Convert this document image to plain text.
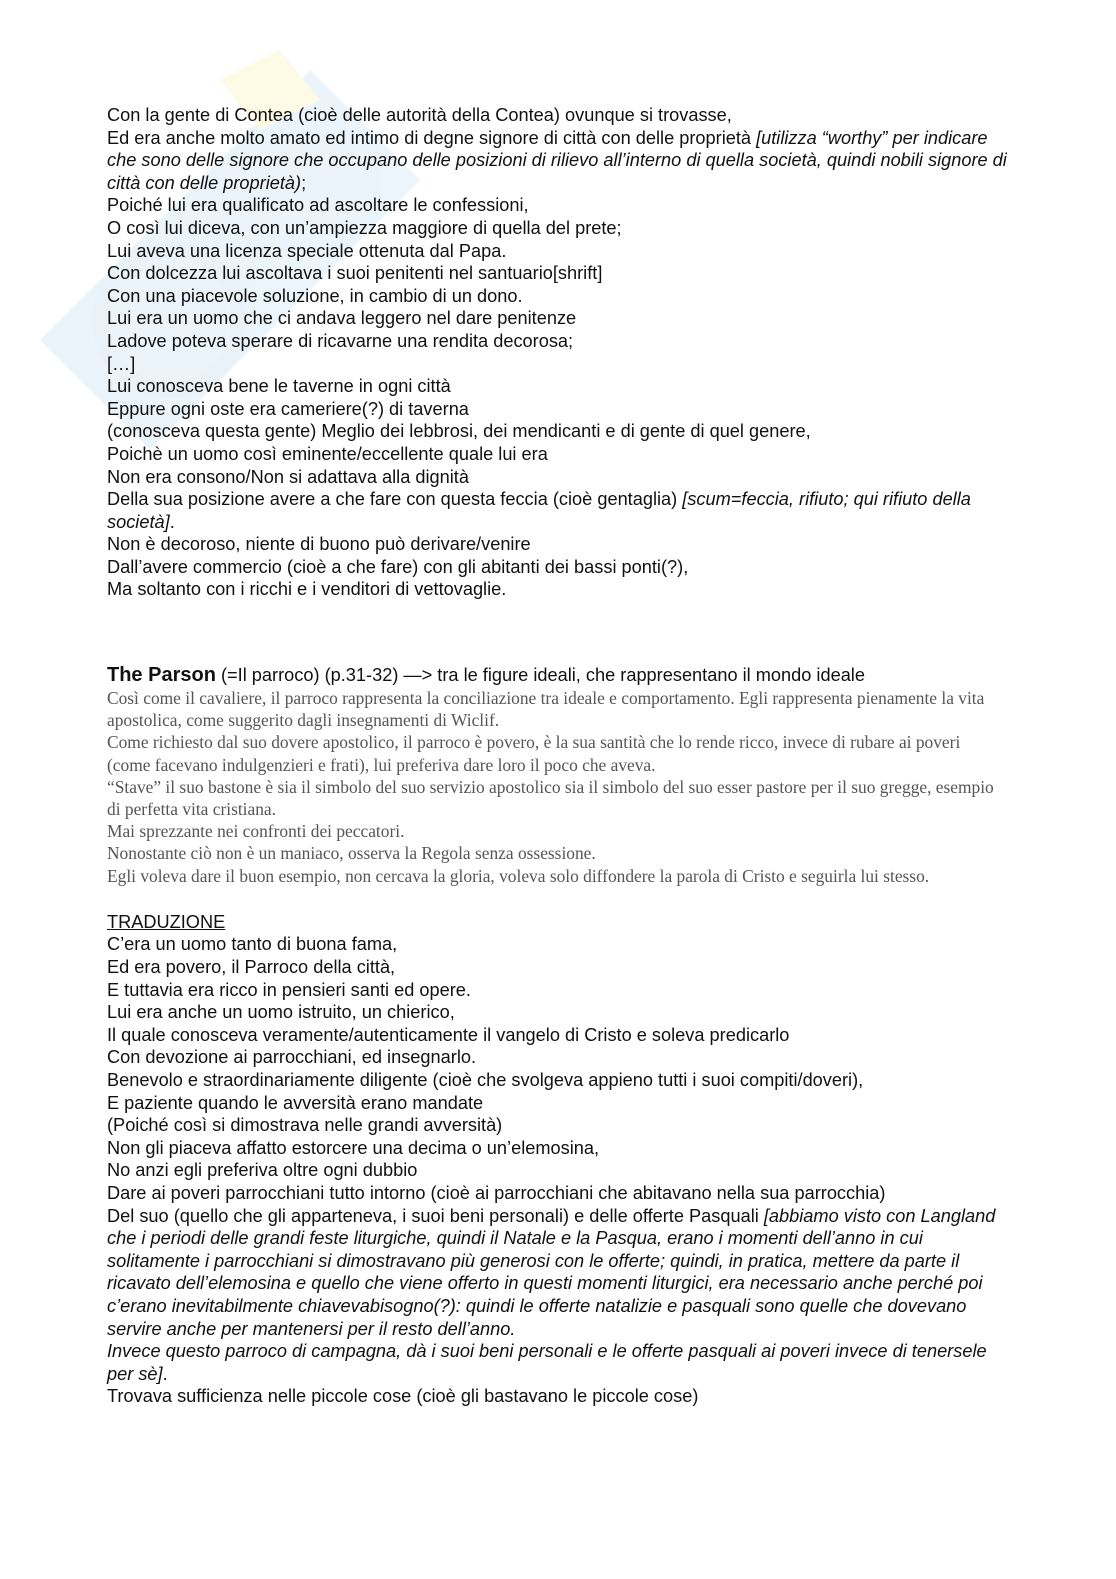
Con la gente di Contea (cioè delle autorità della Contea) ovunque si trovasse,
Ed era anche molto amato ed intimo di degne signore di città con delle proprietà [utilizza “worthy” per indicare che sono delle signore che occupano delle posizioni di rilievo all’interno di quella società, quindi nobili signore di città con delle proprietà);
Poiché lui era qualificato ad ascoltare le confessioni,
O così lui diceva, con un’ampiezza maggiore di quella del prete;
Lui aveva una licenza speciale ottenuta dal Papa.
Con dolcezza lui ascoltava i suoi penitenti nel santuario[shrift]
Con una piacevole soluzione, in cambio di un dono.
Lui era un uomo che ci andava leggero nel dare penitenze
Ladove poteva sperare di ricavarne una rendita decorosa;
[…]
Lui conosceva bene le taverne in ogni città
Eppure ogni oste era cameriere(?) di taverna
(conosceva questa gente) Meglio dei lebbrosi, dei mendicanti e di gente di quel genere,
Poichè un uomo così eminente/eccellente quale lui era
Non era consono/Non si adattava alla dignità
Della sua posizione avere a che fare con questa feccia (cioè gentaglia) [scum=feccia, rifiuto; qui rifiuto della società].
Non è decoroso, niente di buono può derivare/venire
Dall’avere commercio (cioè a che fare) con gli abitanti dei bassi ponti(?),
Ma soltanto con i ricchi e i venditori di vettovaglie.
The Parson (=Il parroco) (p.31-32) —> tra le figure ideali, che rappresentano il mondo ideale
Così come il cavaliere, il parroco rappresenta la conciliazione tra ideale e comportamento. Egli rappresenta pienamente la vita apostolica, come suggerito dagli insegnamenti di Wiclif.
Come richiesto dal suo dovere apostolico, il parroco è povero, è la sua santità che lo rende ricco, invece di rubare ai poveri (come facevano indulgenzieri e frati), lui preferiva dare loro il poco che aveva.
“Stave” il suo bastone è sia il simbolo del suo servizio apostolico sia il simbolo del suo esser pastore per il suo gregge, esempio di perfetta vita cristiana.
Mai sprezzante nei confronti dei peccatori.
Nonostante ciò non è un maniaco, osserva la Regola senza ossessione.
Egli voleva dare il buon esempio, non cercava la gloria, voleva solo diffondere la parola di Cristo e seguirla lui stesso.
TRADUZIONE
C’era un uomo tanto di buona fama,
Ed era povero, il Parroco della città,
E tuttavia era ricco in pensieri santi ed opere.
Lui era anche un uomo istruito, un chierico,
Il quale conosceva veramente/autenticamente il vangelo di Cristo e soleva predicarlo
Con devozione ai parrocchiani, ed insegnarlo.
Benevolo e straordinariamente diligente (cioè che svolgeva appieno tutti i suoi compiti/doveri),
E paziente quando le avversità erano mandate
(Poiché così si dimostrava nelle grandi avversità)
Non gli piaceva affatto estorcere una decima o un’elemosina,
No anzi egli preferiva oltre ogni dubbio
Dare ai poveri parrocchiani tutto intorno (cioè ai parrocchiani che abitavano nella sua parrocchia)
Del suo (quello che gli apparteneva, i suoi beni personali) e delle offerte Pasquali [abbiamo visto con Langland che i periodi delle grandi feste liturgiche, quindi il Natale e la Pasqua, erano i momenti dell’anno in cui solitamente i parrocchiani si dimostravano più generosi con le offerte; quindi, in pratica, mettere da parte il ricavato dell’elemosina e quello che viene offerto in questi momenti liturgici, era necessario anche perché poi c’erano inevitabilmente chiavevabisogno(?): quindi le offerte natalizie e pasquali sono quelle che dovevano servire anche per mantenersi per il resto dell’anno.
Invece questo parroco di campagna, dà i suoi beni personali e le offerte pasquali ai poveri invece di tenersele per sè].
Trovava sufficienza nelle piccole cose (cioè gli bastavano le piccole cose)
